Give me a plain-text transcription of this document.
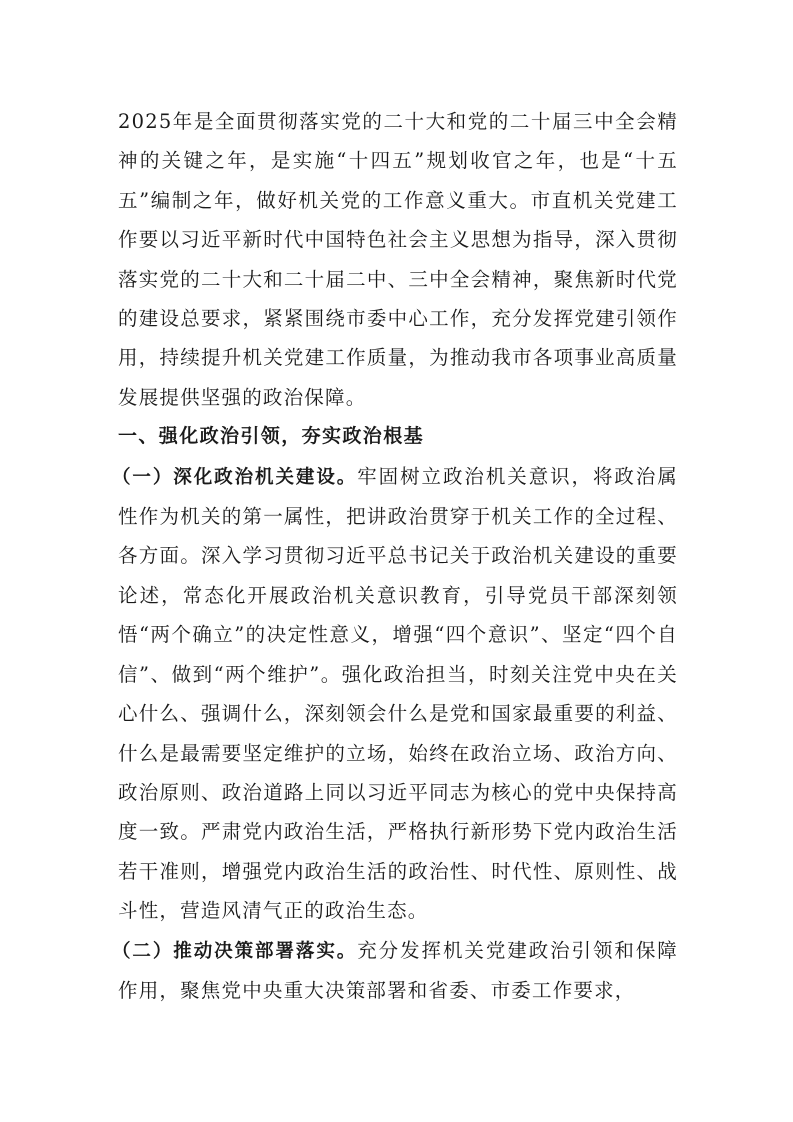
2025年是全面贯彻落实党的二十大和党的二十届三中全会精神的关键之年，是实施“十四五”规划收官之年，也是“十五五”编制之年，做好机关党的工作意义重大。市直机关党建工作要以习近平新时代中国特色社会主义思想为指导，深入贯彻落实党的二十大和二十届二中、三中全会精神，聚焦新时代党的建设总要求，紧紧围绕市委中心工作，充分发挥党建引领作用，持续提升机关党建工作质量，为推动我市各项事业高质量发展提供坚强的政治保障。

一、强化政治引领，夯实政治根基

（一）深化政治机关建设。牢固树立政治机关意识，将政治属性作为机关的第一属性，把讲政治贯穿于机关工作的全过程、各方面。深入学习贯彻习近平总书记关于政治机关建设的重要论述，常态化开展政治机关意识教育，引导党员干部深刻领悟“两个确立”的决定性意义，增强“四个意识”、坚定“四个自信”、做到“两个维护”。强化政治担当，时刻关注党中央在关心什么、强调什么，深刻领会什么是党和国家最重要的利益、什么是最需要坚定维护的立场，始终在政治立场、政治方向、政治原则、政治道路上同以习近平同志为核心的党中央保持高度一致。严肃党内政治生活，严格执行新形势下党内政治生活若干准则，增强党内政治生活的政治性、时代性、原则性、战斗性，营造风清气正的政治生态。

（二）推动决策部署落实。充分发挥机关党建政治引领和保障作用，聚焦党中央重大决策部署和省委、市委工作要求，
